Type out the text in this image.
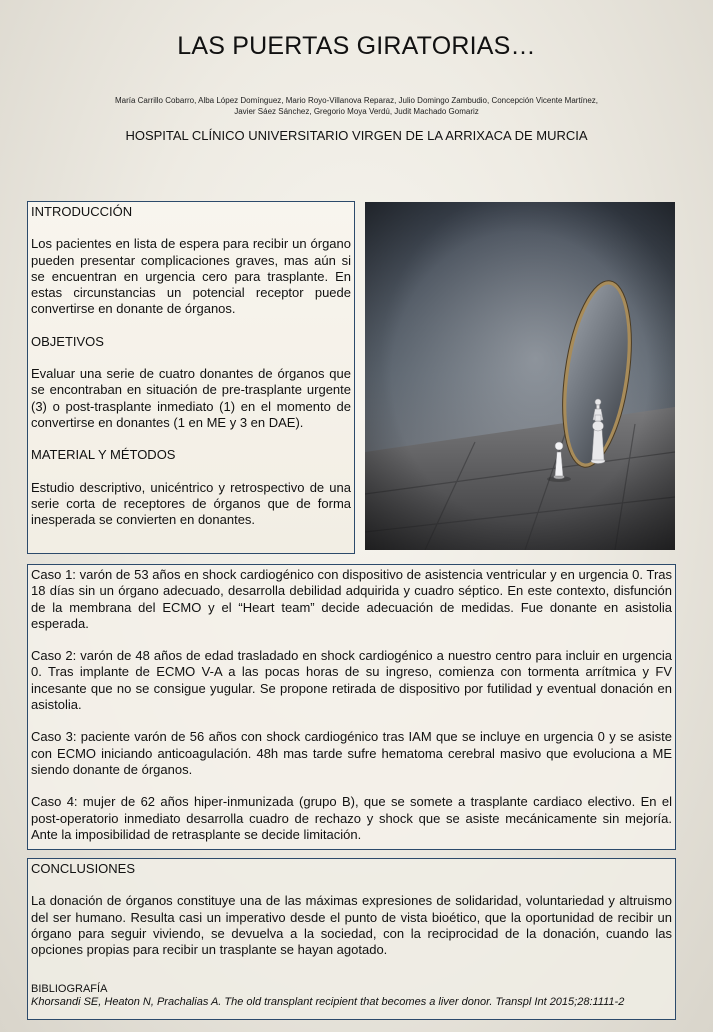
LAS PUERTAS GIRATORIAS…
María Carrillo Cobarro, Alba López Domínguez, Mario Royo-Villanova Reparaz, Julio Domingo Zambudio, Concepción Vicente Martínez,
Javier Sáez Sánchez, Gregorio Moya Verdú, Judit Machado Gomariz
HOSPITAL CLÍNICO UNIVERSITARIO VIRGEN DE LA ARRIXACA DE MURCIA

INTRODUCCIÓN

Los pacientes en lista de espera para recibir un órgano pueden presentar complicaciones graves, mas aún si se encuentran en urgencia cero para trasplante. En estas circunstancias un potencial receptor puede convertirse en donante de órganos.

OBJETIVOS

Evaluar una serie de cuatro donantes de órganos que se encontraban en situación de pre-trasplante urgente (3) o post-trasplante inmediato (1) en el momento de convertirse en donantes (1 en ME y 3 en DAE).

MATERIAL Y MÉTODOS

Estudio descriptivo, unicéntrico y retrospectivo de una serie corta de receptores de órganos que de forma inesperada se convierten en donantes.

Caso 1: varón de 53 años en shock cardiogénico con dispositivo de asistencia ventricular y en urgencia 0. Tras 18 días sin un órgano adecuado, desarrolla debilidad adquirida y cuadro séptico. En este contexto, disfunción de la membrana del ECMO y el “Heart team” decide adecuación de medidas. Fue donante en asistolia esperada.

Caso 2: varón de 48 años de edad trasladado en shock cardiogénico a nuestro centro para incluir en urgencia 0. Tras implante de ECMO V-A a las pocas horas de su ingreso, comienza con tormenta arrítmica y FV incesante que no se consigue yugular. Se propone retirada de dispositivo por futilidad y eventual donación en asistolia.

Caso 3: paciente varón de 56 años con shock cardiogénico tras IAM que se incluye en urgencia 0 y se asiste con ECMO iniciando anticoagulación. 48h mas tarde sufre hematoma cerebral masivo que evoluciona a ME siendo donante de órganos.

Caso 4: mujer de 62 años hiper-inmunizada (grupo B), que se somete a trasplante cardiaco electivo. En el post-operatorio inmediato desarrolla cuadro de rechazo y shock que se asiste mecánicamente sin mejoría. Ante la imposibilidad de retrasplante se decide limitación.

CONCLUSIONES

La donación de órganos constituye una de las máximas expresiones de solidaridad, voluntariedad y altruismo del ser humano. Resulta casi un imperativo desde el punto de vista bioético, que la oportunidad de recibir un órgano para seguir viviendo, se devuelva a la sociedad, con la reciprocidad de la donación, cuando las opciones propias para recibir un trasplante se hayan agotado.

BIBLIOGRAFÍA

Khorsandi SE, Heaton N, Prachalias A. The old transplant recipient that becomes a liver donor. Transpl Int 2015;28:1111-2
